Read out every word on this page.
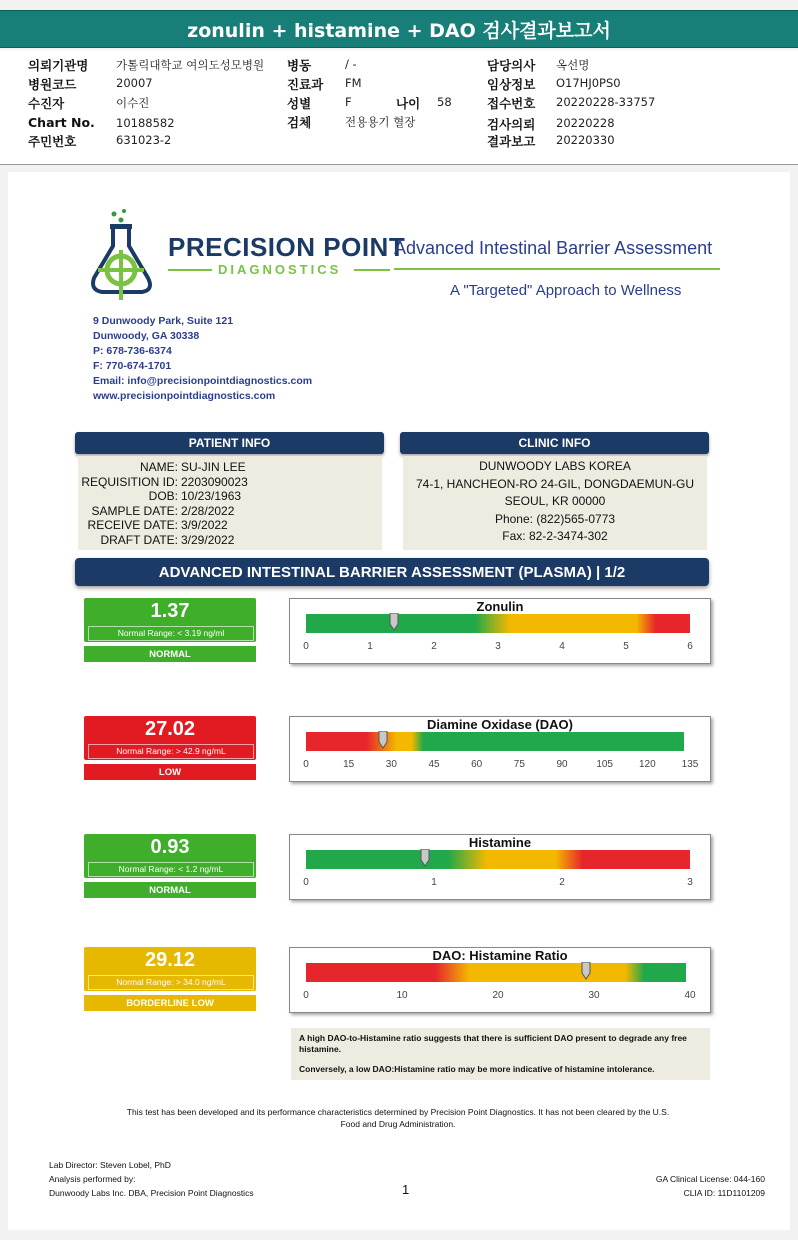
zonulin + histamine + DAO 검사결과보고서
의뢰기관명 가톨릭대학교 여의도성모병원
병원코드	20007
수진자	이수진
Chart No. 10188582
주민번호	631023-2
병동	/ -
진료과 FM
성별	F	나이 58
검체	전용용기 혈장
담당의사 옥선명
임상정보 O17HJ0PS0
접수번호 20220228-33757
검사의뢰 20220228
결과보고 20220330
PRECISION POINT
DIAGNOSTICS
Advanced Intestinal Barrier Assessment
A "Targeted" Approach to Wellness
9 Dunwoody Park, Suite 121
Dunwoody, GA 30338
P: 678-736-6374
F: 770-674-1701
Email: info@precisionpointdiagnostics.com
www.precisionpointdiagnostics.com
PATIENT INFO
NAME: SU-JIN LEE
REQUISITION ID: 2203090023
DOB: 10/23/1963
SAMPLE DATE: 2/28/2022
RECEIVE DATE: 3/9/2022
DRAFT DATE: 3/29/2022
CLINIC INFO
DUNWOODY LABS KOREA
74-1, HANCHEON-RO 24-GIL, DONGDAEMUN-GU
SEOUL, KR 00000
Phone: (822)565-0773
Fax: 82-2-3474-302
ADVANCED INTESTINAL BARRIER ASSESSMENT (PLASMA) | 1/2
1.37
Normal Range: < 3.19 ng/ml
NORMAL
Zonulin
0	1	2	3	4	5	6
27.02
Normal Range: > 42.9 ng/mL
LOW
Diamine Oxidase (DAO)
0	15	30	45	60	75	90	105	120	135
0.93
Normal Range: < 1.2 ng/mL
NORMAL
Histamine
0	1	2	3
29.12
Normal Range: > 34.0 ng/mL
BORDERLINE LOW
DAO: Histamine Ratio
0	10	20	30	40
A high DAO-to-Histamine ratio suggests that there is sufficient DAO present to degrade any free histamine.
Conversely, a low DAO:Histamine ratio may be more indicative of histamine intolerance.
This test has been developed and its performance characteristics determined by Precision Point Diagnostics. It has not been cleared by the U.S. Food and Drug Administration.
Lab Director: Steven Lobel, PhD
Analysis performed by:
Dunwoody Labs Inc. DBA, Precision Point Diagnostics	1
GA Clinical License: 044-160
CLIA ID: 11D1101209
